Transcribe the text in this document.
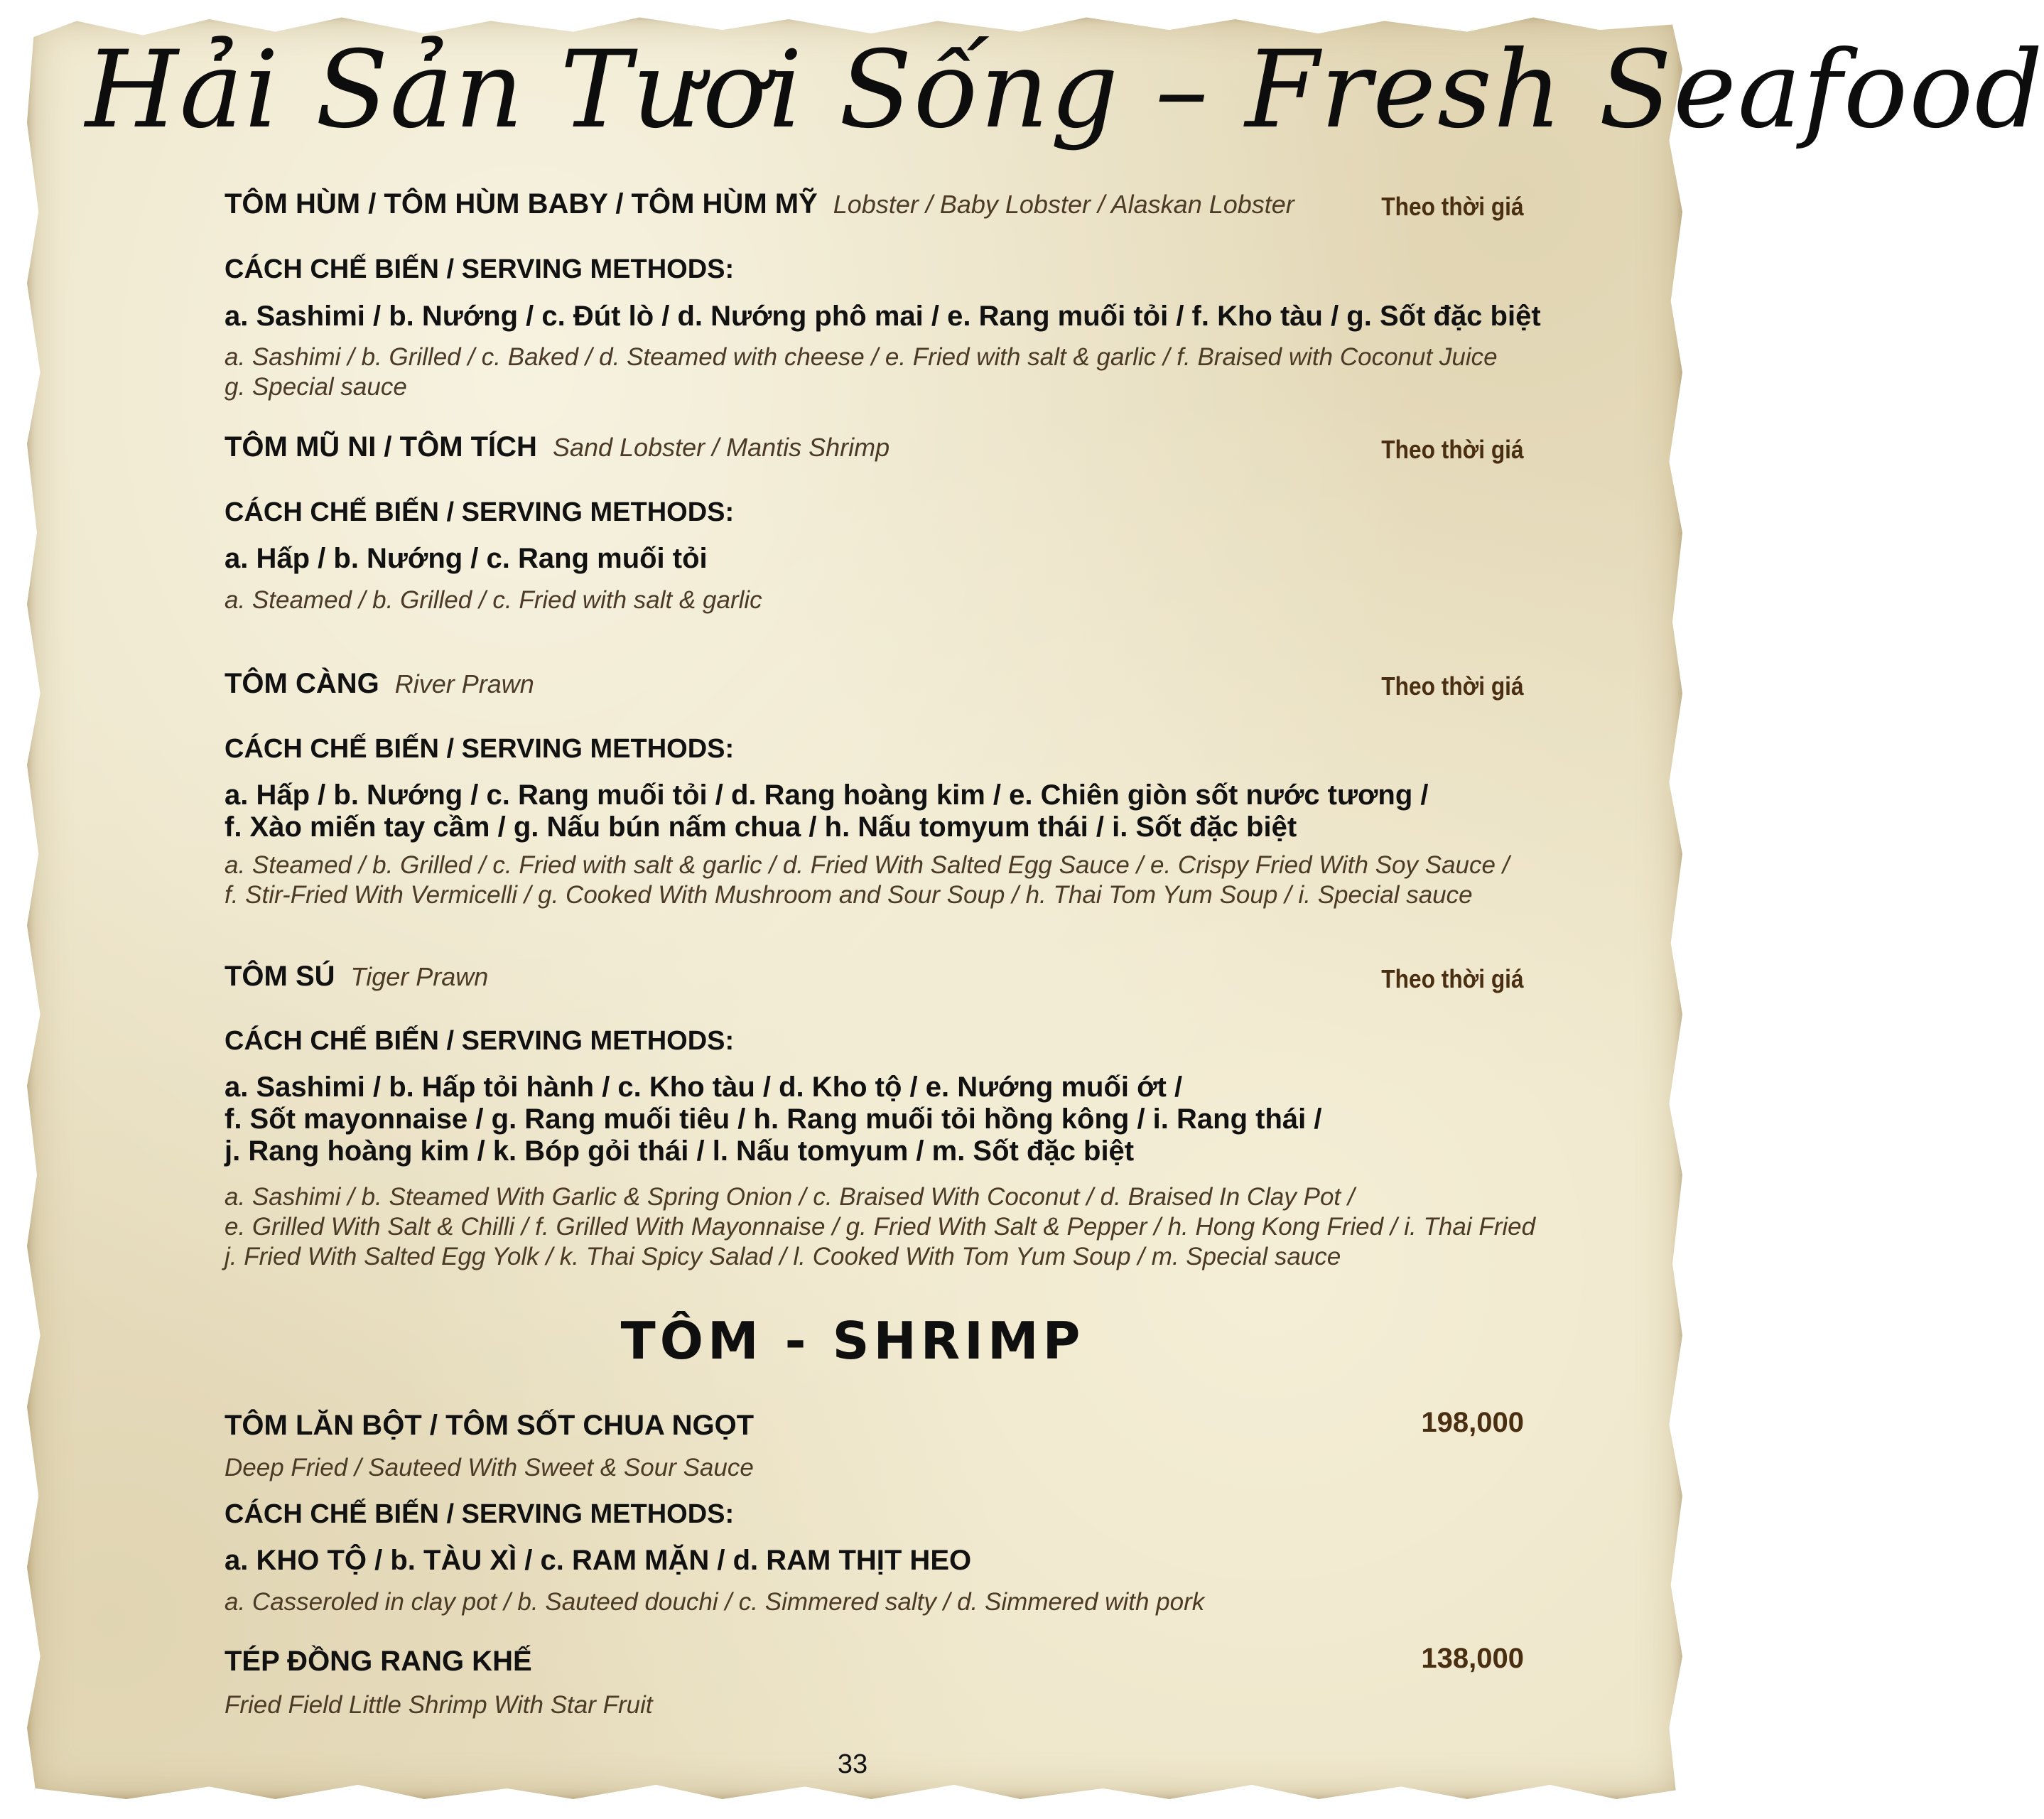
Hải Sản Tươi Sống – Fresh Seafood
TÔM HÙM / TÔM HÙM BABY / TÔM HÙM MỸ Lobster / Baby Lobster / Alaskan Lobster	Theo thời giá
CÁCH CHẾ BIẾN / SERVING METHODS:
a. Sashimi / b. Nướng / c. Đút lò / d. Nướng phô mai / e. Rang muối tỏi / f. Kho tàu / g. Sốt đặc biệt
a. Sashimi / b. Grilled / c. Baked / d. Steamed with cheese / e. Fried with salt & garlic / f. Braised with Coconut Juice
g. Special sauce
TÔM MŨ NI / TÔM TÍCH Sand Lobster / Mantis Shrimp	Theo thời giá
CÁCH CHẾ BIẾN / SERVING METHODS:
a. Hấp / b. Nướng / c. Rang muối tỏi
a. Steamed / b. Grilled / c. Fried with salt & garlic
TÔM CÀNG River Prawn	Theo thời giá
CÁCH CHẾ BIẾN / SERVING METHODS:
a. Hấp / b. Nướng / c. Rang muối tỏi / d. Rang hoàng kim / e. Chiên giòn sốt nước tương /
f. Xào miến tay cầm / g. Nấu bún nấm chua / h. Nấu tomyum thái / i. Sốt đặc biệt
a. Steamed / b. Grilled / c. Fried with salt & garlic / d. Fried With Salted Egg Sauce / e. Crispy Fried With Soy Sauce /
f. Stir-Fried With Vermicelli / g. Cooked With Mushroom and Sour Soup / h. Thai Tom Yum Soup / i. Special sauce
TÔM SÚ Tiger Prawn	Theo thời giá
CÁCH CHẾ BIẾN / SERVING METHODS:
a. Sashimi / b. Hấp tỏi hành / c. Kho tàu / d. Kho tộ / e. Nướng muối ớt /
f. Sốt mayonnaise / g. Rang muối tiêu / h. Rang muối tỏi hồng kông / i. Rang thái /
j. Rang hoàng kim / k. Bóp gỏi thái / l. Nấu tomyum / m. Sốt đặc biệt
a. Sashimi / b. Steamed With Garlic & Spring Onion / c. Braised With Coconut / d. Braised In Clay Pot /
e. Grilled With Salt & Chilli / f. Grilled With Mayonnaise / g. Fried With Salt & Pepper / h. Hong Kong Fried / i. Thai Fried
j. Fried With Salted Egg Yolk / k. Thai Spicy Salad / l. Cooked With Tom Yum Soup / m. Special sauce
TÔM - SHRIMP
TÔM LĂN BỘT / TÔM SỐT CHUA NGỌT	198,000
Deep Fried / Sauteed With Sweet & Sour Sauce
CÁCH CHẾ BIẾN / SERVING METHODS:
a. KHO TỘ / b. TÀU XÌ / c. RAM MẶN / d. RAM THỊT HEO
a. Casseroled in clay pot / b. Sauteed douchi / c. Simmered salty / d. Simmered with pork
TÉP ĐỒNG RANG KHẾ	138,000
Fried Field Little Shrimp With Star Fruit
33
